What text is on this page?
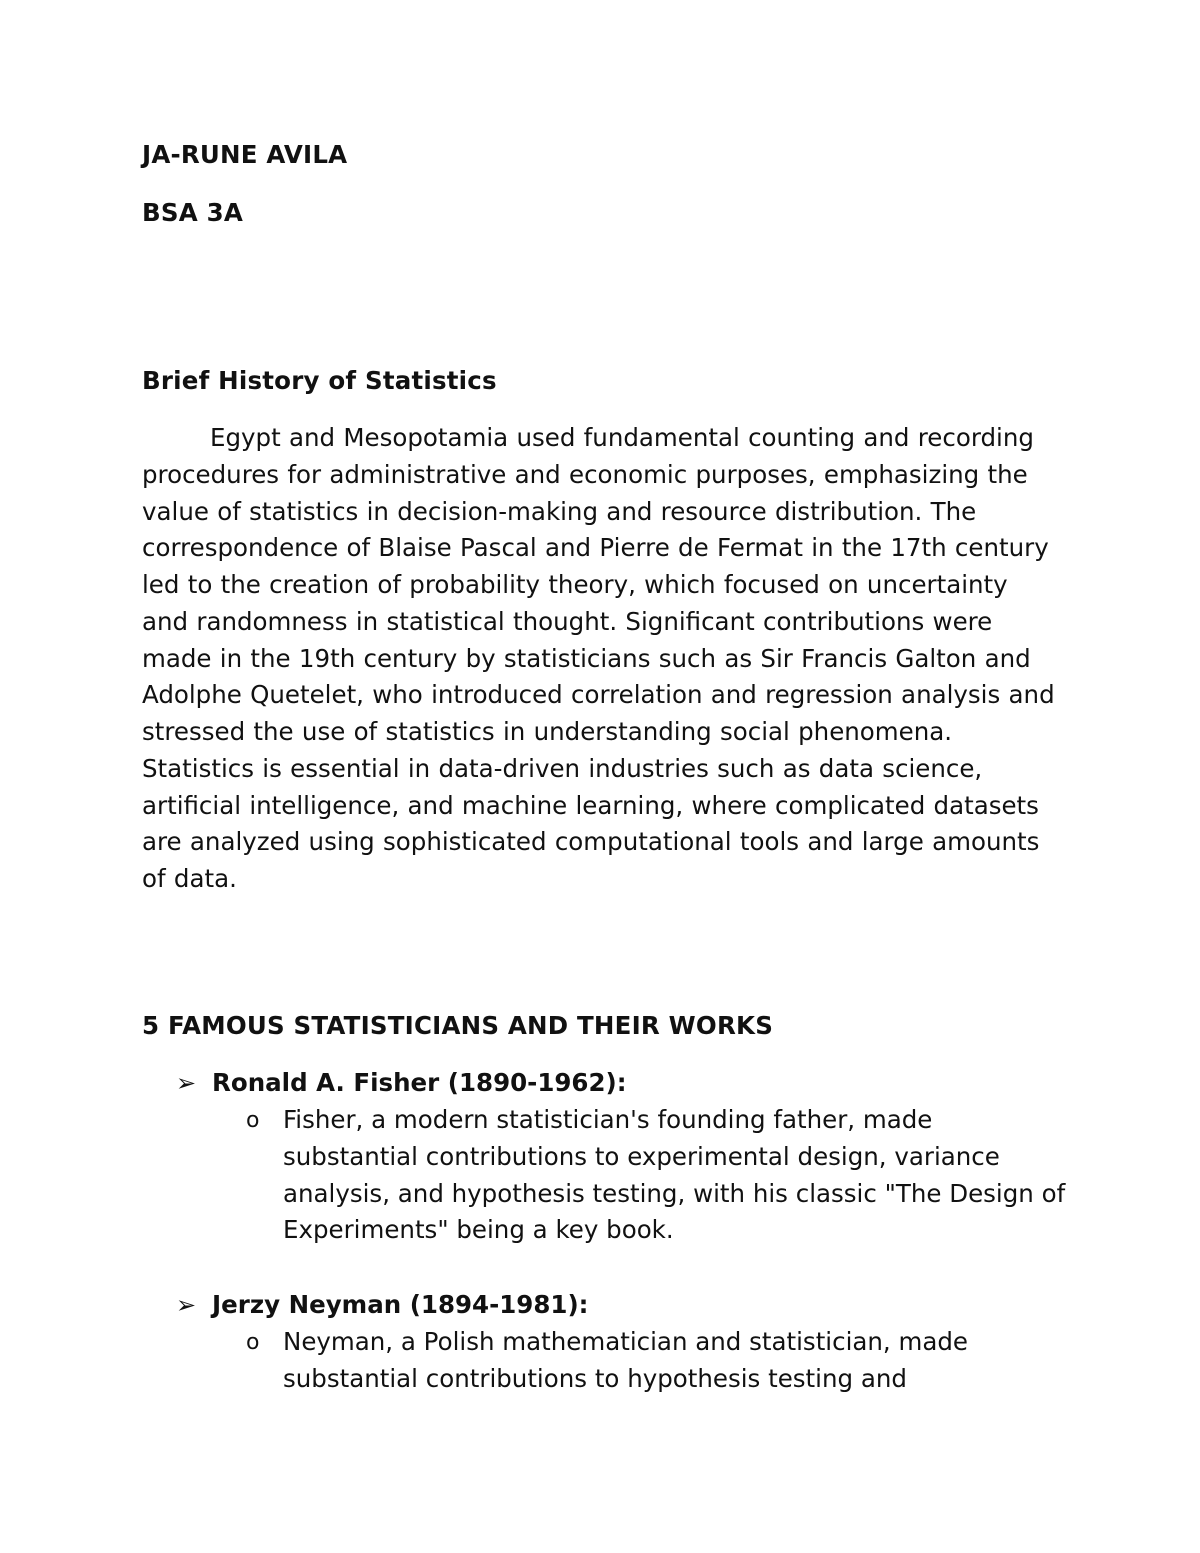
JA-RUNE AVILA
BSA 3A
Brief History of Statistics

Egypt and Mesopotamia used fundamental counting and recording procedures for administrative and economic purposes, emphasizing the value of statistics in decision-making and resource distribution. The correspondence of Blaise Pascal and Pierre de Fermat in the 17th century led to the creation of probability theory, which focused on uncertainty and randomness in statistical thought. Significant contributions were made in the 19th century by statisticians such as Sir Francis Galton and Adolphe Quetelet, who introduced correlation and regression analysis and stressed the use of statistics in understanding social phenomena. Statistics is essential in data-driven industries such as data science, artificial intelligence, and machine learning, where complicated datasets are analyzed using sophisticated computational tools and large amounts of data.

5 FAMOUS STATISTICIANS AND THEIR WORKS
➢ Ronald A. Fisher (1890-1962):
o Fisher, a modern statistician's founding father, made substantial contributions to experimental design, variance analysis, and hypothesis testing, with his classic "The Design of Experiments" being a key book.

➢ Jerzy Neyman (1894-1981):
o Neyman, a Polish mathematician and statistician, made substantial contributions to hypothesis testing and
